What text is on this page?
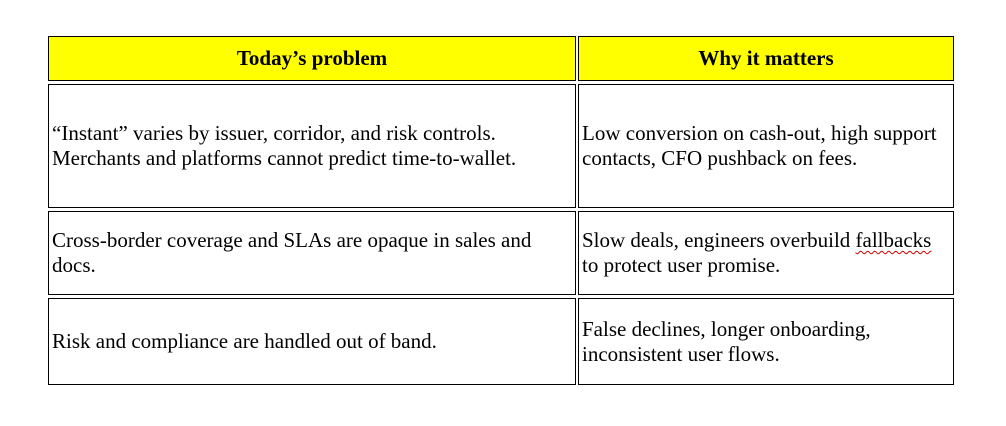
Today’s problem	Why it matters
“Instant” varies by issuer, corridor, and risk controls. Merchants and platforms cannot predict time-to-wallet.
Low conversion on cash-out, high support contacts, CFO pushback on fees.
Cross-border coverage and SLAs are opaque in sales and docs.
Slow deals, engineers overbuild fallbacks to protect user promise.
Risk and compliance are handled out of band.
False declines, longer onboarding, inconsistent user flows.
